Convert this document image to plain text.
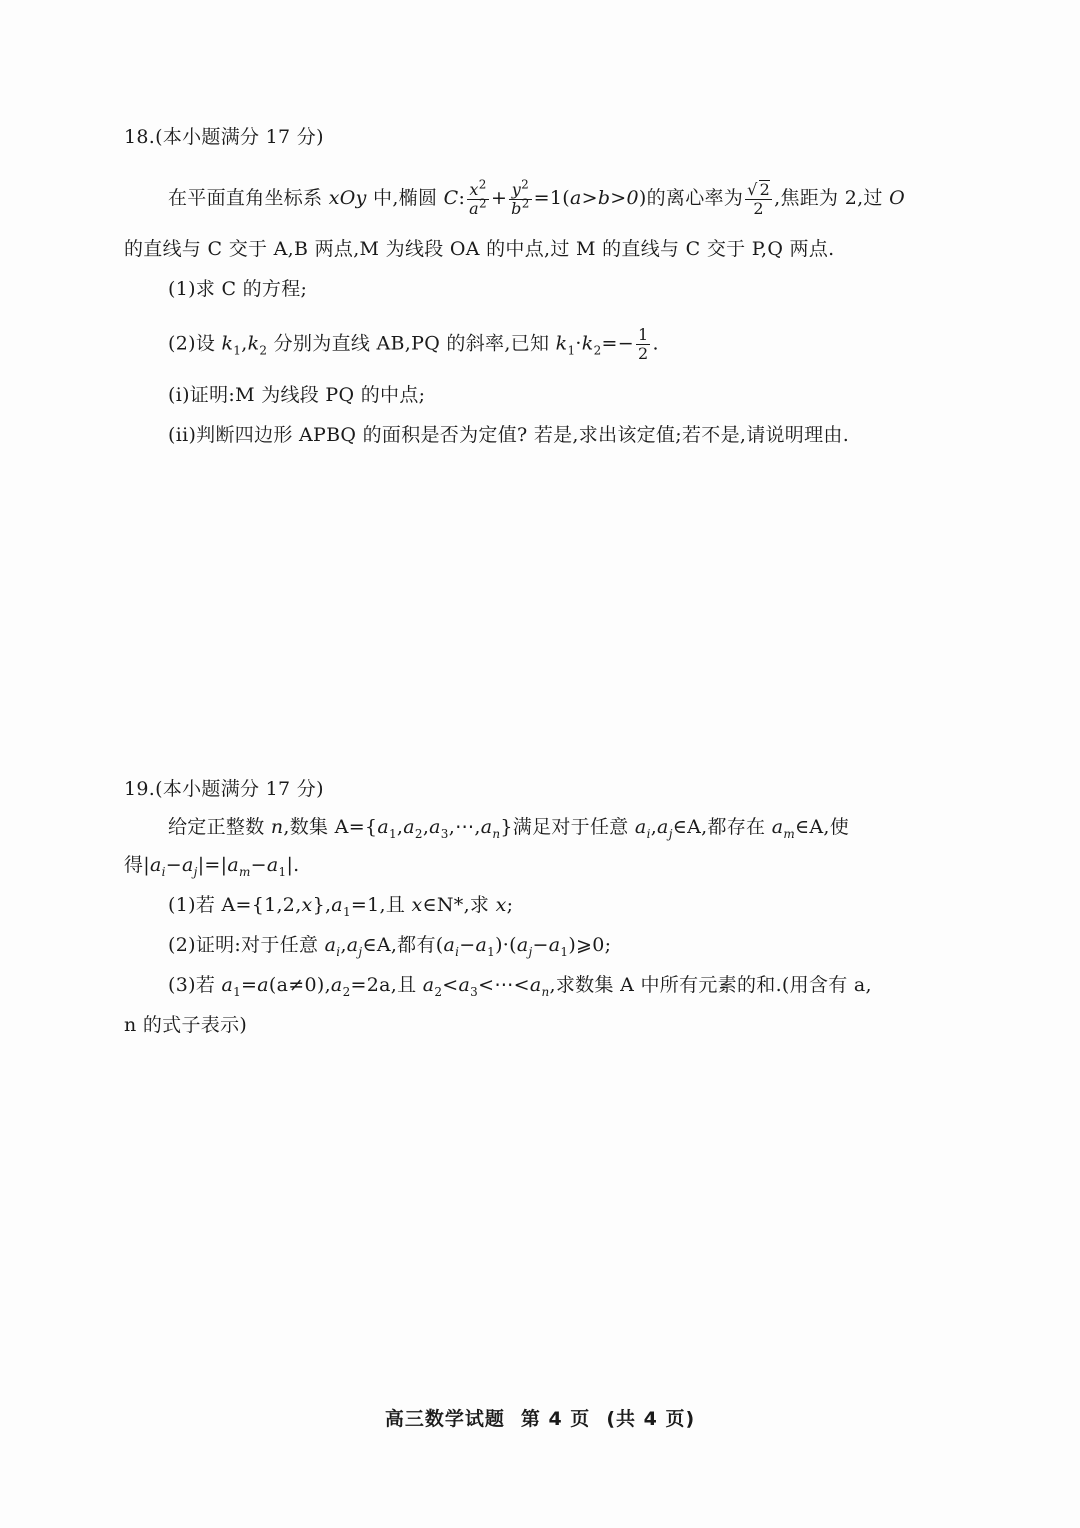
18.(本小题满分 17 分)
在平面直角坐标系 xOy 中,椭圆 C: $\frac{x^2}{a^2} + \frac{y^2}{b^2} =1(a>b>0)$的离心率为 $\frac{√ 2}{2}$ ,焦距为 2,过 O
的直线与 C 交于 A,B 两点,M 为线段 OA 的中点,过 M 的直线与 C 交于 P,Q 两点.
(1)求 C 的方程;
(2)设 $k_1,k_2$ 分别为直线 AB,PQ 的斜率,已知 $k_1\cdot k_2=- \frac{1}{2}$ .
(i)证明:M 为线段 PQ 的中点;
(ii)判断四边形 APBQ 的面积是否为定值? 若是,求出该定值;若不是,请说明理由.
19.(本小题满分 17 分)
给定正整数 n,数集 $A=\{a_1,a_2,a_3,\cdots,a_n\}$满足对于任意 $a_i,a_j\in A$,都存在 $a_m\in A$,使
得$|a_i-a_j|=|a_m-a_1|$.
(1)若 $A=\{1,2,x\},a_1=1$,且 x∈N*,求 x;
(2)证明:对于任意 $a_i,a_j\in A$,都有$(a_i-a_1)\cdot(a_j-a_1)⩾0$;
(3)若 $a_1=a(a\ne 0),a_2=2a$,且 $a_2<a_3<\cdots<a_n$,求数集 A 中所有元素的和.(用含有 a,
n 的式子表示)
高三数学试题 第 4 页 (共 4 页)
